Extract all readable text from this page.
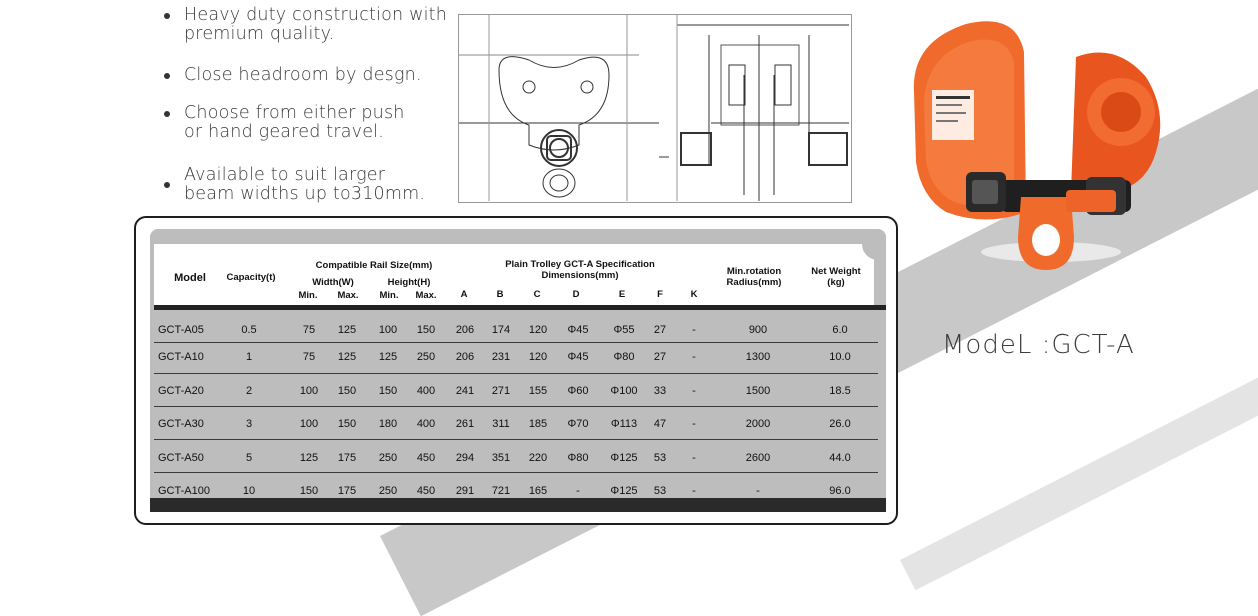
Heavy duty construction with
premium quality.
Close headroom by desgn.
Choose from either push
or hand geared travel.
Available to suit larger
beam widths up to310mm.
ModeL :GCT-A
Model	Capacity(t)
Compatible Rail Size(mm)
Width(W)	Height(H)
Min.	Max.	Min.	Max.
Plain Trolley GCT-A Specification
Dimensions(mm)
A	B	C	D	E	F	K
Min.rotation
Radius(mm)
Net Weight
(kg)
GCT-A05	0.5	75	125	100	150	206	174	120	Φ45	Φ55	27	-	900	6.0
GCT-A10	1	75	125	125	250	206	231	120	Φ45	Φ80	27	-	1300	10.0
GCT-A20	2	100	150	150	400	241	271	155	Φ60	Φ100	33	-	1500	18.5
GCT-A30	3	100	150	180	400	261	311	185	Φ70	Φ113	47	-	2000	26.0
GCT-A50	5	125	175	250	450	294	351	220	Φ80	Φ125	53	-	2600	44.0
GCT-A100	10	150	175	250	450	291	721	165	-	Φ125	53	-	-	96.0
